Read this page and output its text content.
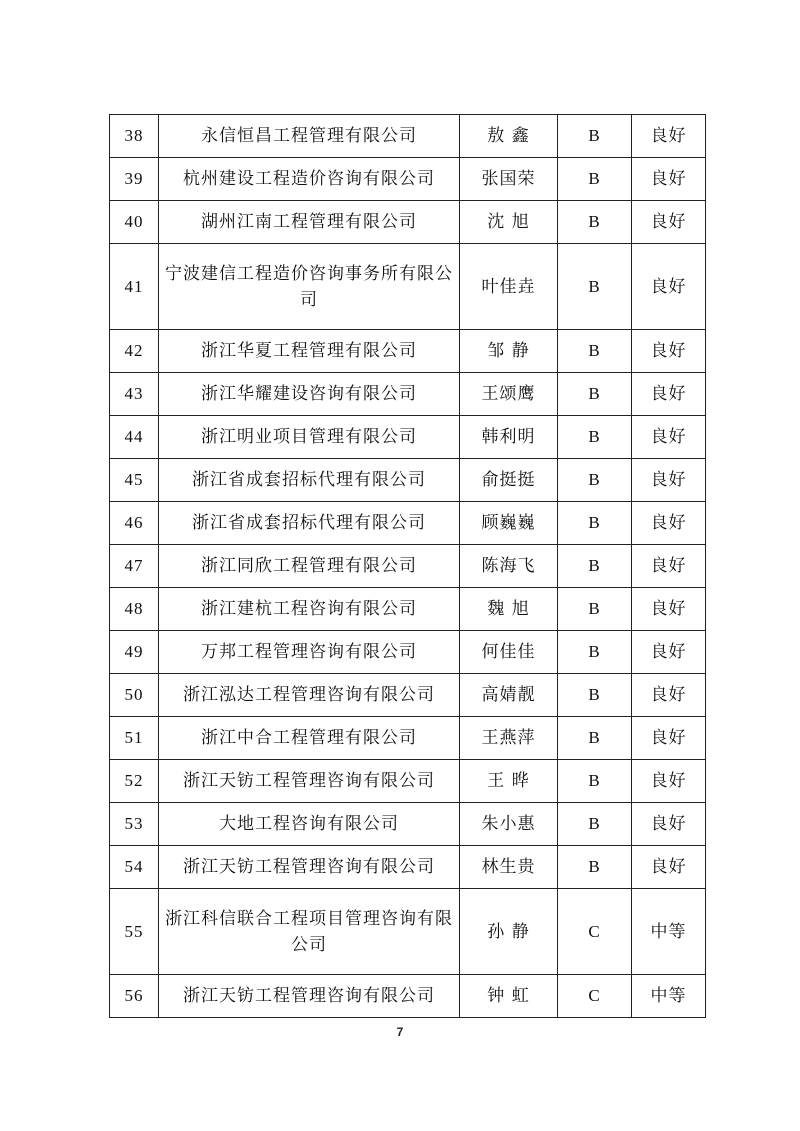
38	永信恒昌工程管理有限公司	敖 鑫	B	良好
39	杭州建设工程造价咨询有限公司	张国荣	B	良好
40	湖州江南工程管理有限公司	沈 旭	B	良好
41	宁波建信工程造价咨询事务所有限公司	叶佳垚	B	良好
42	浙江华夏工程管理有限公司	邹 静	B	良好
43	浙江华耀建设咨询有限公司	王颂鹰	B	良好
44	浙江明业项目管理有限公司	韩利明	B	良好
45	浙江省成套招标代理有限公司	俞挺挺	B	良好
46	浙江省成套招标代理有限公司	顾巍巍	B	良好
47	浙江同欣工程管理有限公司	陈海飞	B	良好
48	浙江建杭工程咨询有限公司	魏 旭	B	良好
49	万邦工程管理咨询有限公司	何佳佳	B	良好
50	浙江泓达工程管理咨询有限公司	高婧靓	B	良好
51	浙江中合工程管理有限公司	王燕萍	B	良好
52	浙江天钫工程管理咨询有限公司	王 晔	B	良好
53	大地工程咨询有限公司	朱小惠	B	良好
54	浙江天钫工程管理咨询有限公司	林生贵	B	良好
55	浙江科信联合工程项目管理咨询有限公司	孙 静	C	中等
56	浙江天钫工程管理咨询有限公司	钟 虹	C	中等
7
